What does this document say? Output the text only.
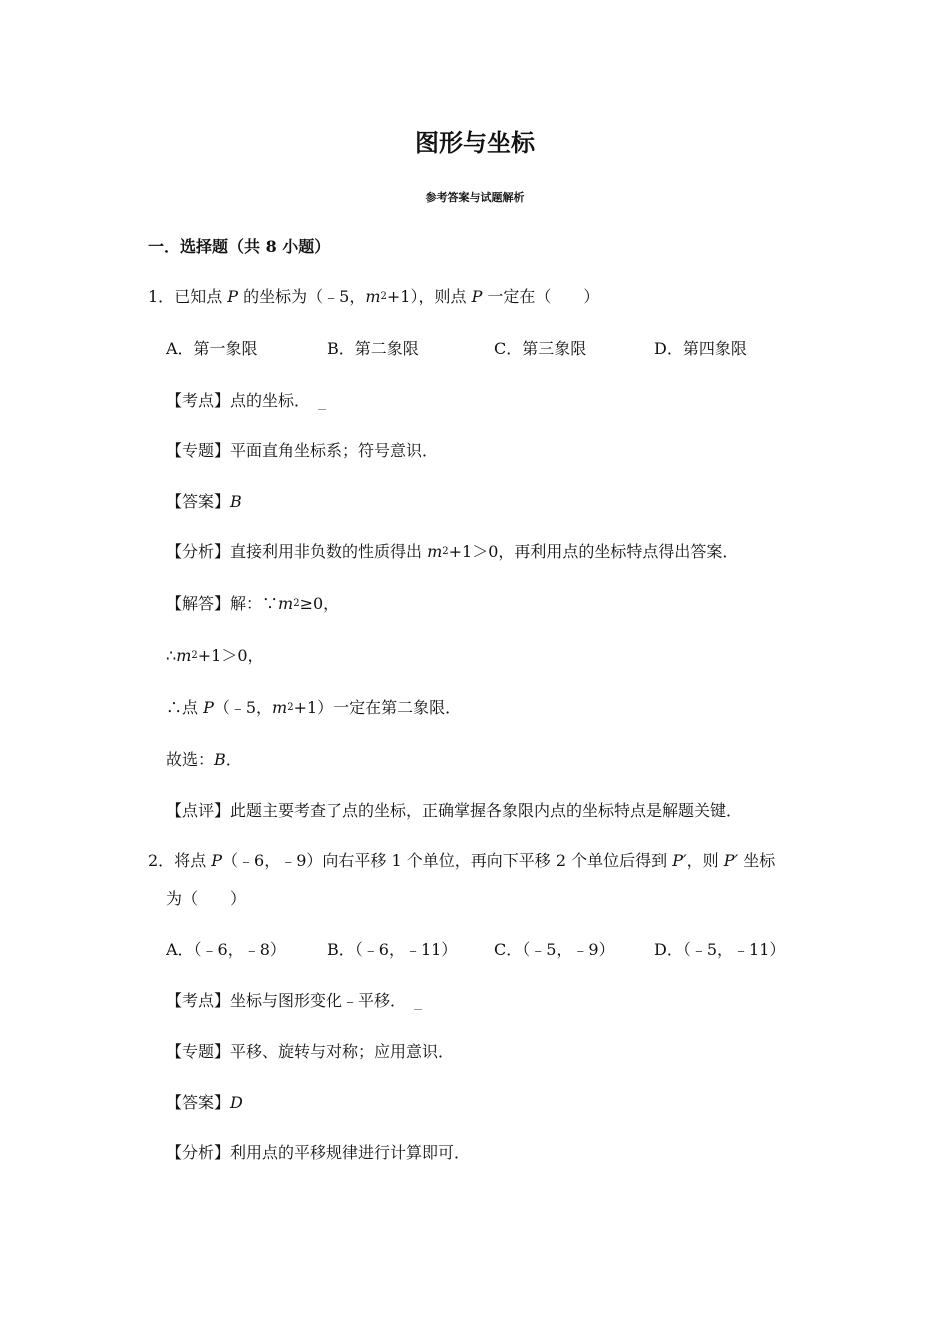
图形与坐标
参考答案与试题解析
一．选择题（共 8 小题）
1．已知点 P 的坐标为（﹣5，$m^2+1$），则点 P 一定在（　　）
A．第一象限	B．第二象限	C．第三象限	D．第四象限
【考点】点的坐标．
【专题】平面直角坐标系；符号意识．
【答案】B
【分析】直接利用非负数的性质得出 $m^2+1>0$，再利用点的坐标特点得出答案．
【解答】解：$\because m^2\ge 0$，
$\therefore m^2+1>0$，
∴点 P（﹣5，$m^2+1$）一定在第二象限．
故选：B．
【点评】此题主要考查了点的坐标，正确掌握各象限内点的坐标特点是解题关键．
2．将点 P（﹣6，﹣9）向右平移 1 个单位，再向下平移 2 个单位后得到 P′，则 P′ 坐标
为（　　）
A．（﹣6，﹣8）	B．（﹣6，﹣11） C．（﹣5，﹣9） D．（﹣5，﹣11）
【考点】坐标与图形变化﹣平移．
【专题】平移、旋转与对称；应用意识．
【答案】D
【分析】利用点的平移规律进行计算即可．
